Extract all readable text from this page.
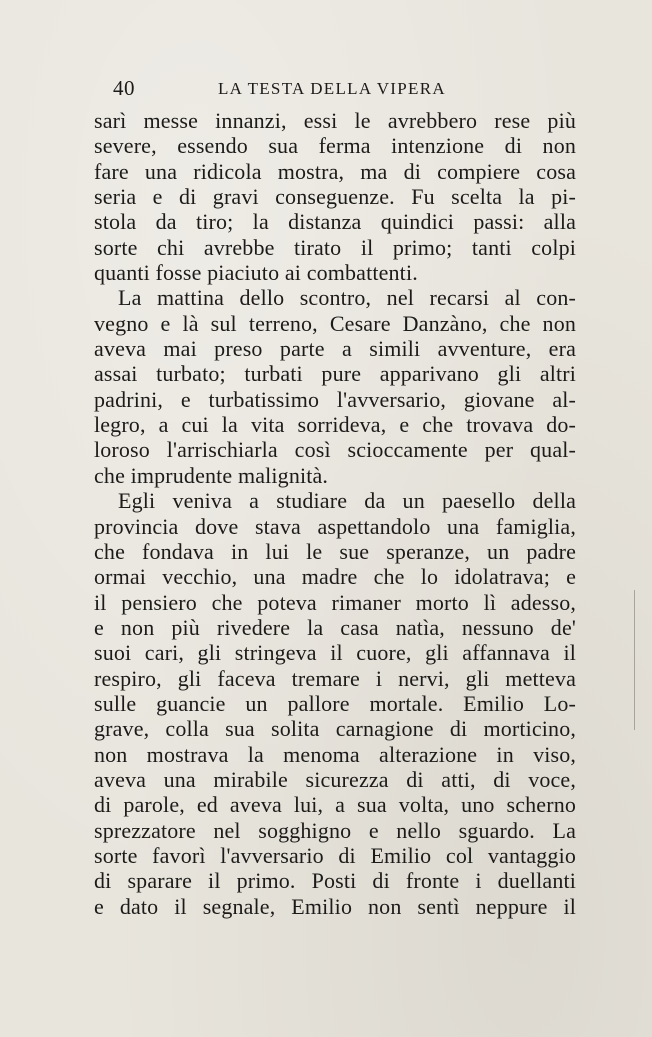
40	LA TESTA DELLA VIPERA
sarì messe innanzi, essi le avrebbero rese più
severe, essendo sua ferma intenzione di non
fare una ridicola mostra, ma di compiere cosa
seria e di gravi conseguenze. Fu scelta la pi-
stola da tiro; la distanza quindici passi: alla
sorte chi avrebbe tirato il primo; tanti colpi
quanti fosse piaciuto ai combattenti.
La mattina dello scontro, nel recarsi al con-
vegno e là sul terreno, Cesare Danzàno, che non
aveva mai preso parte a simili avventure, era
assai turbato; turbati pure apparivano gli altri
padrini, e turbatissimo l'avversario, giovane al-
legro, a cui la vita sorrideva, e che trovava do-
loroso l'arrischiarla così scioccamente per qual-
che imprudente malignità.
Egli veniva a studiare da un paesello della
provincia dove stava aspettandolo una famiglia,
che fondava in lui le sue speranze, un padre
ormai vecchio, una madre che lo idolatrava; e
il pensiero che poteva rimaner morto lì adesso,
e non più rivedere la casa natìa, nessuno de'
suoi cari, gli stringeva il cuore, gli affannava il
respiro, gli faceva tremare i nervi, gli metteva
sulle guancie un pallore mortale. Emilio Lo-
grave, colla sua solita carnagione di morticino,
non mostrava la menoma alterazione in viso,
aveva una mirabile sicurezza di atti, di voce,
di parole, ed aveva lui, a sua volta, uno scherno
sprezzatore nel sogghigno e nello sguardo. La
sorte favorì l'avversario di Emilio col vantaggio
di sparare il primo. Posti di fronte i duellanti
e dato il segnale, Emilio non sentì neppure il
